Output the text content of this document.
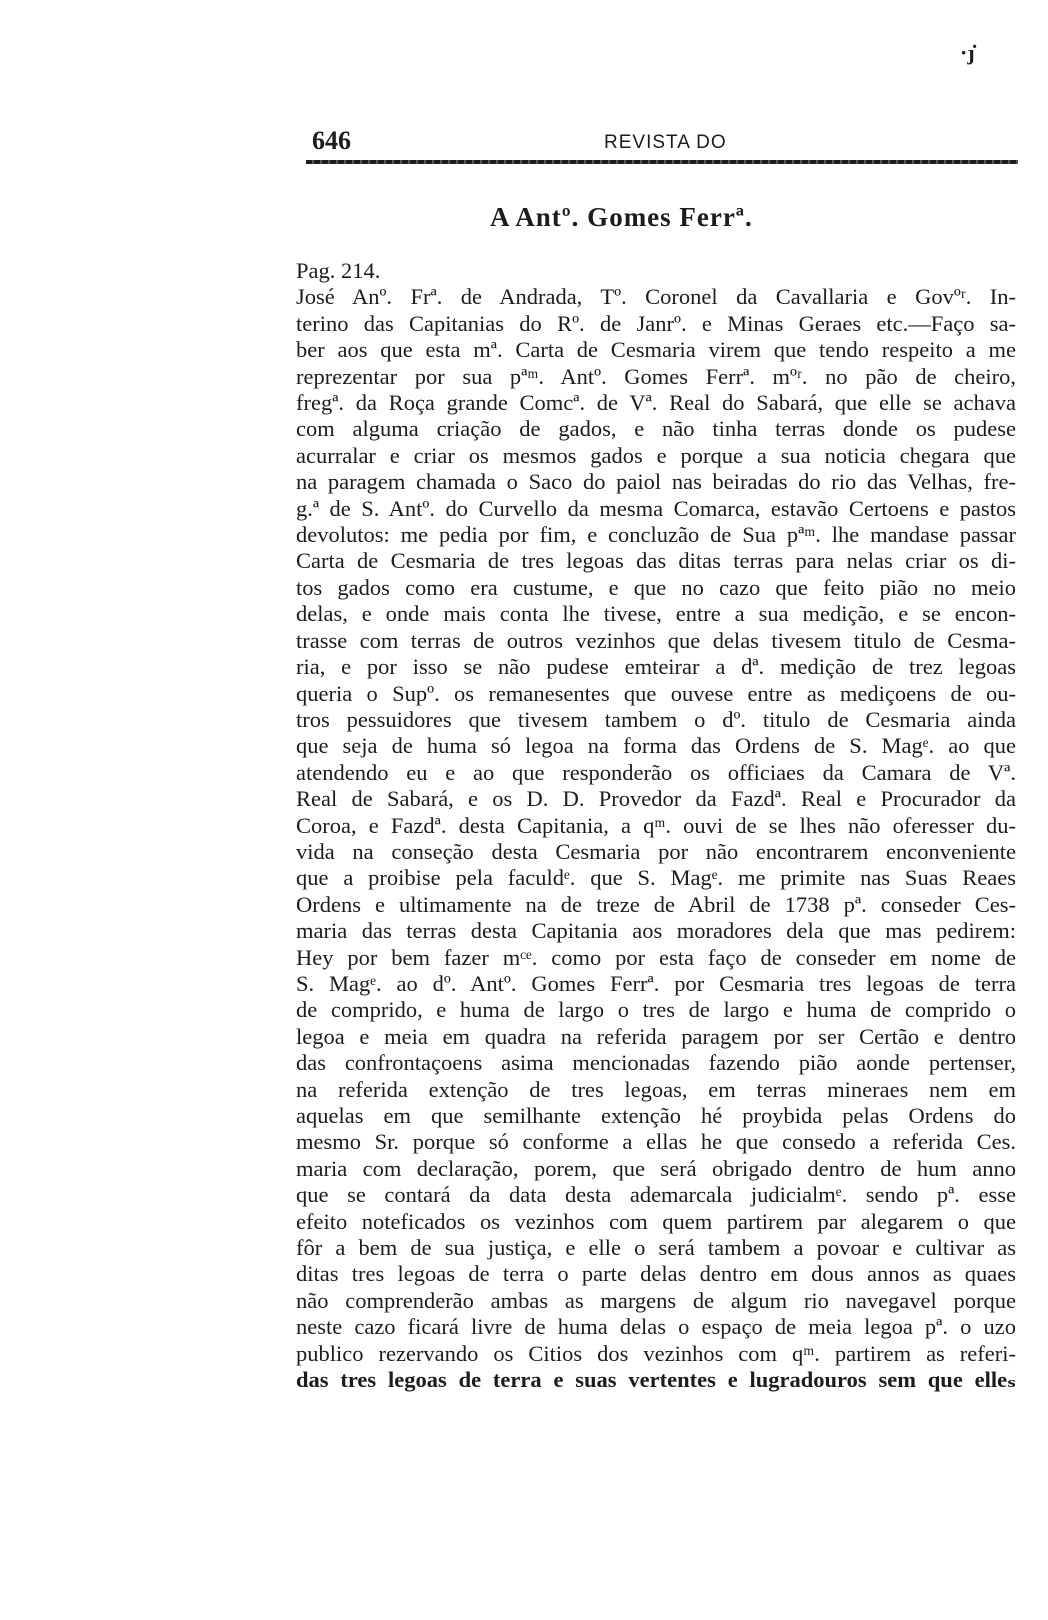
·ȷ̇
646	REVISTA DO
A Antº. Gomes Ferrª.
Pag. 214.
José Anº. Frª. de Andrada, Tº. Coronel da Cavallaria e Govºʳ. In-
terino das Capitanias do Rº. de Janrº. e Minas Geraes etc.—Faço sa-
ber aos que esta mª. Carta de Cesmaria virem que tendo respeito a me
reprezentar por sua pªᵐ. Antº. Gomes Ferrª. mºʳ. no pão de cheiro,
fregª. da Roça grande Comcª. de Vª. Real do Sabará, que elle se achava
com alguma criação de gados, e não tinha terras donde os pudese
acurralar e criar os mesmos gados e porque a sua noticia chegara que
na paragem chamada o Saco do paiol nas beiradas do rio das Velhas, fre-
g.ª de S. Antº. do Curvello da mesma Comarca, estavão Certoens e pastos
devolutos: me pedia por fim, e concluzão de Sua pªᵐ. lhe mandase passar
Carta de Cesmaria de tres legoas das ditas terras para nelas criar os di-
tos gados como era custume, e que no cazo que feito pião no meio
delas, e onde mais conta lhe tivese, entre a sua medição, e se encon-
trasse com terras de outros vezinhos que delas tivesem titulo de Cesma-
ria, e por isso se não pudese emteirar a dª. medição de trez legoas
queria o Supº. os remanesentes que ouvese entre as mediçoens de ou-
tros pessuidores que tivesem tambem o dº. titulo de Cesmaria ainda
que seja de huma só legoa na forma das Ordens de S. Magᵉ. ao que
atendendo eu e ao que responderão os officiaes da Camara de Vª.
Real de Sabará, e os D. D. Provedor da Fazdª. Real e Procurador da
Coroa, e Fazdª. desta Capitania, a qᵐ. ouvi de se lhes não oferesser du-
vida na conseção desta Cesmaria por não encontrarem enconveniente
que a proibise pela faculdᵉ. que S. Magᵉ. me primite nas Suas Reaes
Ordens e ultimamente na de treze de Abril de 1738 pª. conseder Ces-
maria das terras desta Capitania aos moradores dela que mas pedirem:
Hey por bem fazer mᶜᵉ. como por esta faço de conseder em nome de
S. Magᵉ. ao dº. Antº. Gomes Ferrª. por Cesmaria tres legoas de terra
de comprido, e huma de largo o tres de largo e huma de comprido o
legoa e meia em quadra na referida paragem por ser Certão e dentro
das confrontaçoens asima mencionadas fazendo pião aonde pertenser,
na referida extenção de tres legoas, em terras mineraes nem em
aquelas em que semilhante extenção hé proybida pelas Ordens do
mesmo Sr. porque só conforme a ellas he que consedo a referida Ces.
maria com declaração, porem, que será obrigado dentro de hum anno
que se contará da data desta ademarcala judicialmᵉ. sendo pª. esse
efeito noteficados os vezinhos com quem partirem par alegarem o que
fôr a bem de sua justiça, e elle o será tambem a povoar e cultivar as
ditas tres legoas de terra o parte delas dentro em dous annos as quaes
não comprenderão ambas as margens de algum rio navegavel porque
neste cazo ficará livre de huma delas o espaço de meia legoa pª. o uzo
publico rezervando os Citios dos vezinhos com qᵐ. partirem as referi-
das tres legoas de terra e suas vertentes e lugradouros sem que elleₛ
